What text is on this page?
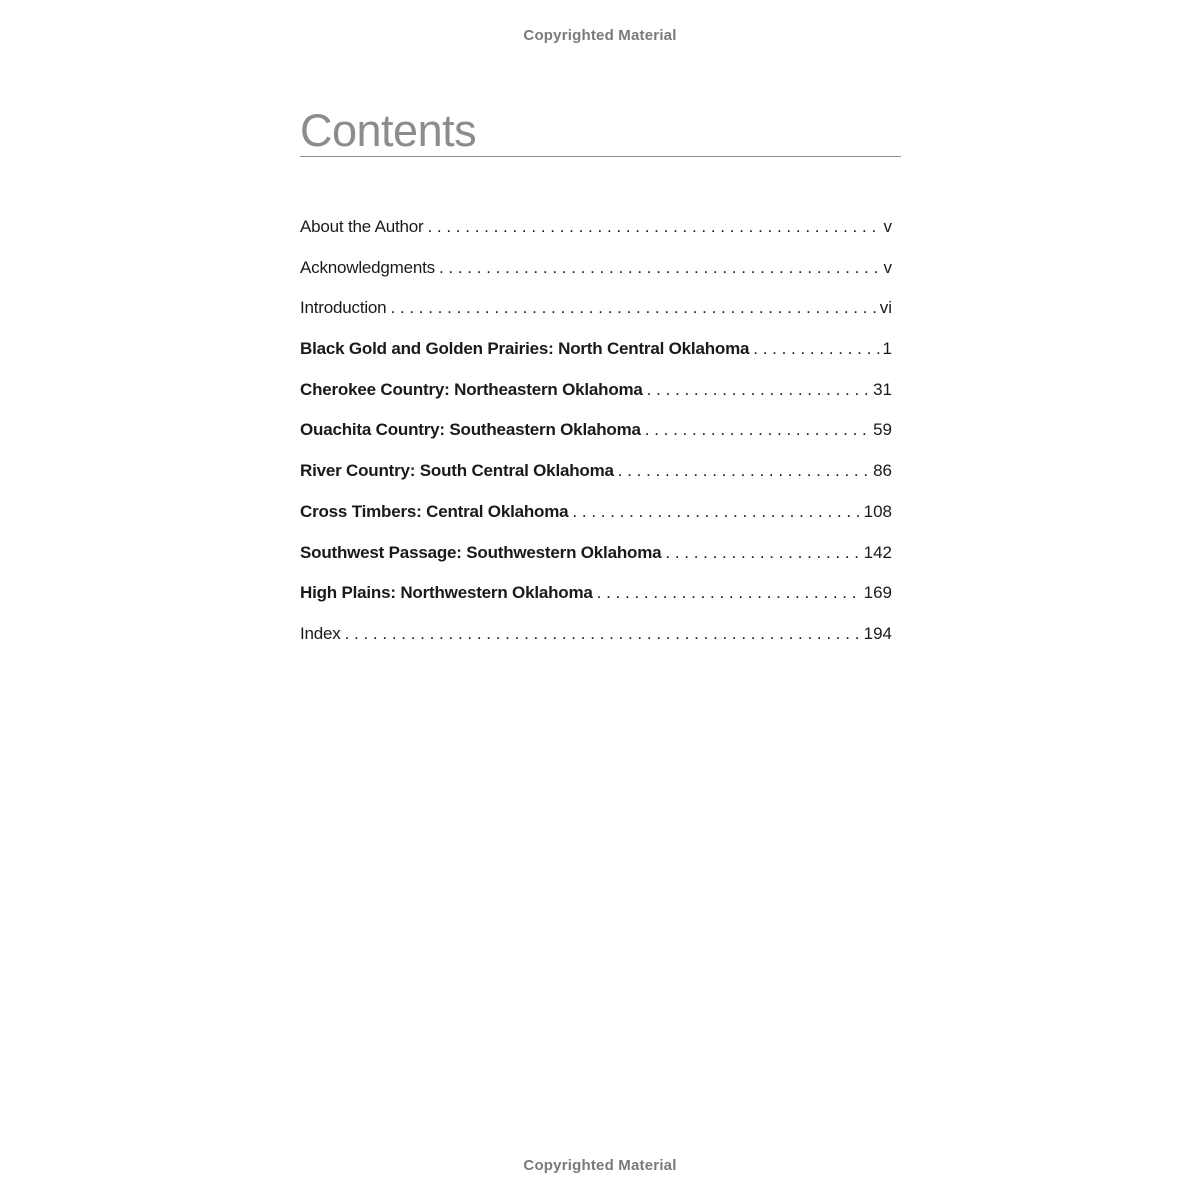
Copyrighted Material
Contents
About the Author . . .	v
Acknowledgments . . .	v
Introduction . . .	vi
Black Gold and Golden Prairies: North Central Oklahoma . . .	1
Cherokee Country: Northeastern Oklahoma . . .	31
Ouachita Country: Southeastern Oklahoma . . .	59
River Country: South Central Oklahoma . . .	86
Cross Timbers: Central Oklahoma . . .	108
Southwest Passage: Southwestern Oklahoma . . .	142
High Plains: Northwestern Oklahoma . . .	169
Index . . .	194
Copyrighted Material
